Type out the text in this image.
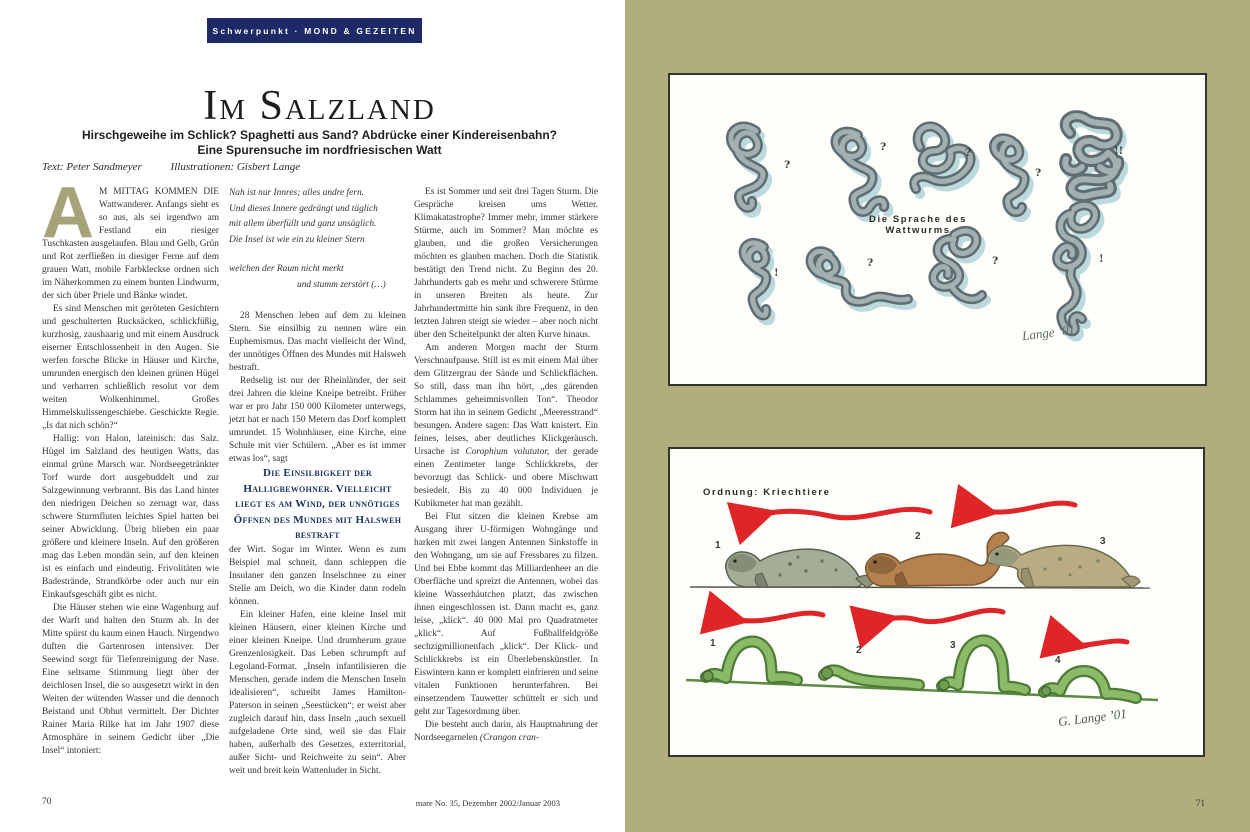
Schwerpunkt · MOND & GEZEITEN
Im Salzland
Hirschgeweihe im Schlick? Spaghetti aus Sand? Abdrücke einer Kindereisenbahn?
Eine Spurensuche im nordfriesischen Watt
Text: Peter Sandmeyer	Illustrationen: Gisbert Lange

A M MITTAG KOMMEN DIE Wattwanderer. Anfangs sieht es so aus, als sei irgendwo am Festland ein riesiger Tuschkasten ausgelaufen. Blau und Gelb, Grün und Rot zerfließen in diesiger Ferne auf dem grauen Watt, mobile Farbkleckse ordnen sich im Näherkommen zu einem bunten Lindwurm, der sich über Priele und Bänke windet.

Es sind Menschen mit geröteten Gesichtern und geschulterten Rucksäcken, schlickfüßig, kurzhosig, zaushaarig und mit einem Ausdruck eiserner Entschlossenheit in den Augen. Sie werfen forsche Blicke in Häuser und Kirche, umrunden energisch den kleinen grünen Hügel und verharren schließlich resolut vor dem weiten Wolkenhimmel. Großes Himmelskulissengeschiebe. Geschickte Regie. „Is dat nich schön?“

Hallig: von Halon, lateinisch: das Salz. Hügel im Salzland des heutigen Watts, das einmal grüne Marsch war. Nordseegetränkter Torf wurde dort ausgebuddelt und zur Salzgewinnung verbrannt. Bis das Land hinter den niedrigen Deichen so zernagt war, dass schwere Sturmfluten leichtes Spiel hatten bei seiner Abwicklung. Übrig blieben ein paar größere und kleinere Inseln. Auf den größeren mag das Leben mondän sein, auf den kleinen ist es einfach und eindeutig. Frivolitäten wie Badestrände, Strandkörbe oder auch nur ein Einkaufsgeschäft gibt es nicht.

Die Häuser stehen wie eine Wagenburg auf der Warft und halten den Sturm ab. In der Mitte spürst du kaum einen Hauch. Nirgendwo duften die Gartenrosen intensiver. Der Seewind sorgt für Tiefenreinigung der Nase. Eine seltsame Stimmung liegt über der deichlosen Insel, die so ausgesetzt wirkt in den Weiten der wütenden Wasser und die dennoch Beistand und Obhut vermittelt. Der Dichter Rainer Maria Rilke hat im Jahr 1907 diese Atmosphäre in seinem Gedicht über „Die Insel“ intoniert:

Nah ist nur Innres; alles andre fern.
Und dieses Innere gedrängt und täglich
mit allem überfüllt und ganz unsäglich.
Die Insel ist wie ein zu kleiner Stern
welchen der Raum nicht merkt
und stumm zerstört (…)

28 Menschen leben auf dem zu kleinen Stern. Sie einsilbig zu nennen wäre ein Euphemismus. Das macht vielleicht der Wind, der unnötiges Öffnen des Mundes mit Halsweh bestraft.

Redselig ist nur der Rheinländer, der seit drei Jahren die kleine Kneipe betreibt. Früher war er pro Jahr 150 000 Kilometer unterwegs, jetzt hat er nach 150 Metern das Dorf komplett umrundet. 15 Wohnhäuser, eine Kirche, eine Schule mit vier Schülern. „Aber es ist immer etwas los“, sagt

Die Einsilbigkeit der Halligbewohner. Vielleicht liegt es am Wind, der unnötiges Öffnen des Mundes mit Halsweh bestraft

der Wirt. Sogar im Winter. Wenn es zum Beispiel mal schneit, dann schleppen die Insulaner den ganzen Inselschnee zu einer Stelle am Deich, wo die Kinder dann rodeln können.

Ein kleiner Hafen, eine kleine Insel mit kleinen Häusern, einer kleinen Kirche und einer kleinen Kneipe. Und drumherum graue Grenzenlosigkeit. Das Leben schrumpft auf Legoland-Format. „Inseln infantilisieren die Menschen, gerade indem die Menschen Inseln idealisieren“, schreibt James Hamilton-Paterson in seinen „Seestücken“; er weist aber zugleich darauf hin, dass Inseln „auch sexuell aufgeladene Orte sind, weil sie das Flair haben, außerhalb des Gesetzes, exterritorial, außer Sicht- und Reichweite zu sein“. Aber weit und breit kein Wattenluder in Sicht.

Es ist Sommer und seit drei Tagen Sturm. Die Gespräche kreisen ums Wetter. Klimakatastrophe? Immer mehr, immer stärkere Stürme, auch im Sommer? Man möchte es glauben, und die großen Versicherungen möchten es glauben machen. Doch die Statistik bestätigt den Trend nicht. Zu Beginn des 20. Jahrhunderts gab es mehr und schwerere Stürme in unseren Breiten als heute. Zur Jahrhundertmitte hin sank ihre Frequenz, in den letzten Jahren steigt sie wieder – aber noch nicht über den Scheitelpunkt der alten Kurve hinaus.

Am anderen Morgen macht der Sturm Verschnaufpause. Still ist es mit einem Mal über dem Glitzergrau der Sände und Schlickflächen. So still, dass man ihn hört, „des gärenden Schlammes geheimnisvollen Ton“. Theodor Storm hat ihn in seinem Gedicht „Meeresstrand“ besungen. Andere sagen: Das Watt knistert. Ein feines, leises, aber deutliches Klickgeräusch. Ursache ist Corophium volutator, der gerade einen Zentimeter lange Schlickkrebs, der bevorzugt das Schlick- und obere Mischwatt besiedelt. Bis zu 40 000 Individuen je Kubikmeter hat man gezählt.

Bei Flut sitzen die kleinen Krebse am Ausgang ihrer U-förmigen Wohngänge und harken mit zwei langen Antennen Sinkstoffe in den Wohngang, um sie auf Fressbares zu filzen. Und bei Ebbe kommt das Milliardenheer an die Oberfläche und spreizt die Antennen, wobei das kleine Wasserhäutchen platzt, das zwischen ihnen eingeschlossen ist. Dann macht es, ganz leise, „klick“. 40 000 Mal pro Quadratmeter „klick“. Auf Fußballfeldgröße sechzigmillionenfach „klick“. Der Klick- und Schlickkrebs ist ein Überlebenskünstler. In Eiswintern kann er komplett einfrieren und seine vitalen Funktionen herunterfahren. Bei einsetzendem Tauwetter schüttelt er sich und geht zur Tagesordnung über.

Die besteht auch darin, als Hauptnahrung der Nordseegarnelen (Crangon cran-

70	mare No. 35, Dezember 2002/Januar 2003
?
?	?
?
!!
!
?	?	!
Die Sprache des Wattwurms
Lange ’01
Ordnung: Kriechtiere
1
2	3
1
2	3
4
G. Lange ’01
71
